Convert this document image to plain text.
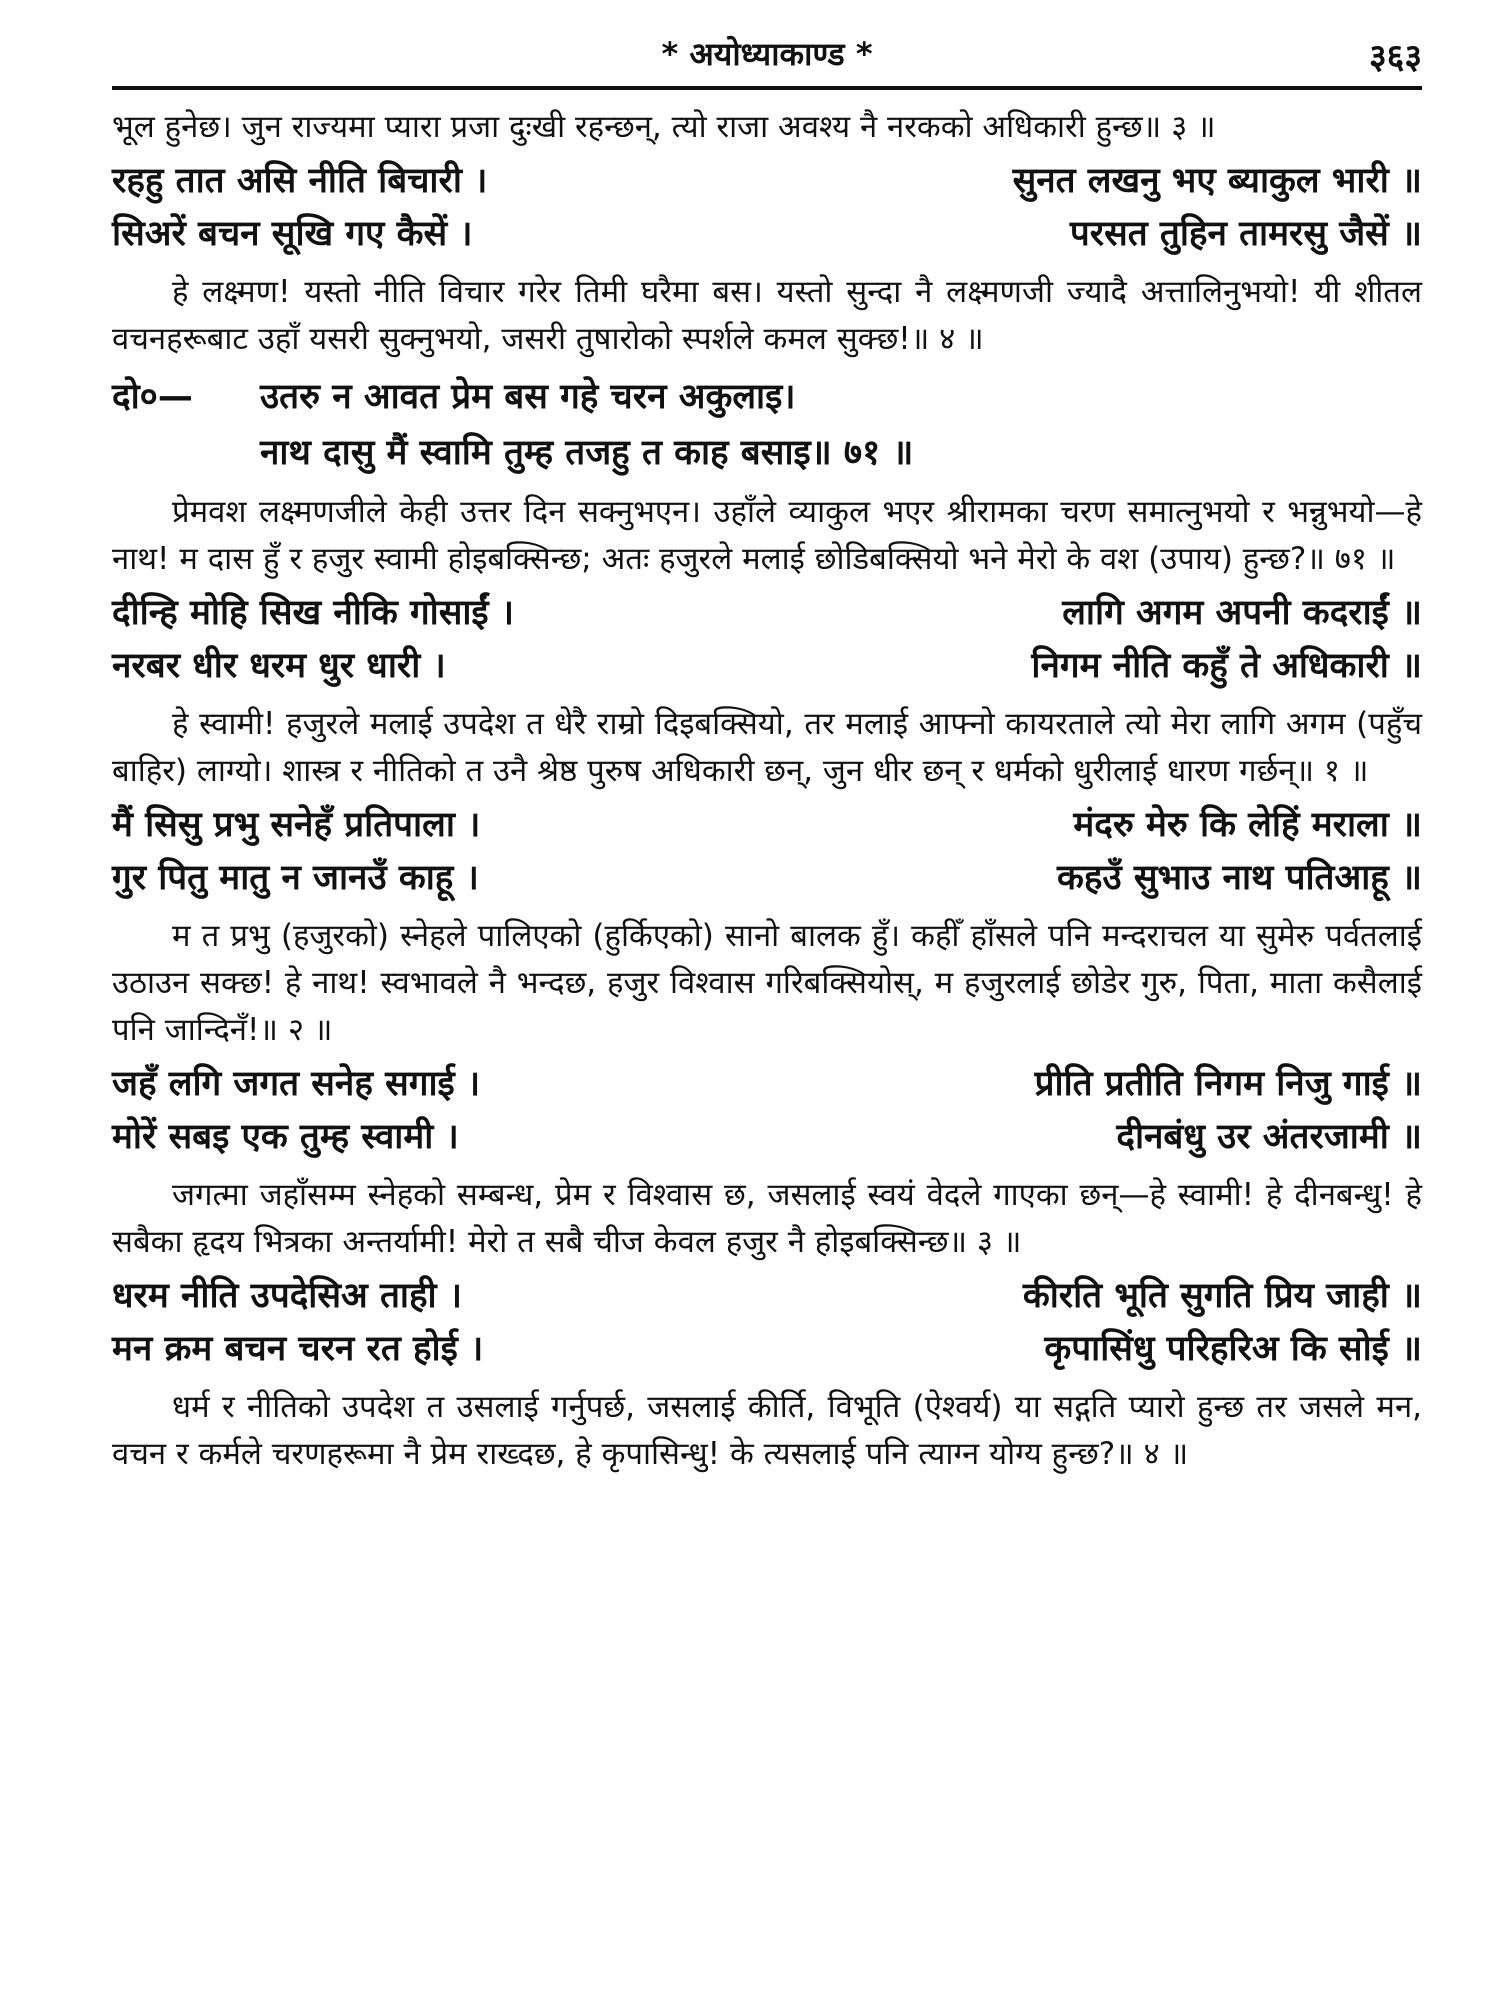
* अयोध्याकाण्ड *	३६३

भूल हुनेछ। जुन राज्यमा प्यारा प्रजा दुःखी रहन्छन्, त्यो राजा अवश्य नै नरकको अधिकारी हुन्छ॥ ३ ॥

रहहु तात असि नीति बिचारी ।	सुनत लखनु भए ब्याकुल भारी ॥
सिअरें बचन सूखि गए कैसें ।	परसत तुहिन तामरसु जैसें ॥

हे लक्ष्मण! यस्तो नीति विचार गरेर तिमी घरैमा बस। यस्तो सुन्दा नै लक्ष्मणजी ज्यादै अत्तालिनुभयो! यी शीतल वचनहरूबाट उहाँ यसरी सुक्नुभयो, जसरी तुषारोको स्पर्शले कमल सुक्छ!॥ ४ ॥

दो०—	उतरु न आवत प्रेम बस गहे चरन अकुलाइ।
नाथ दासु मैं स्वामि तुम्ह तजहु त काह बसाइ॥ ७१ ॥

प्रेमवश लक्ष्मणजीले केही उत्तर दिन सक्नुभएन। उहाँले व्याकुल भएर श्रीरामका चरण समात्नुभयो र भन्नुभयो—हे नाथ! म दास हुँ र हजुर स्वामी होइबक्सिन्छ; अतः हजुरले मलाई छोडिबक्सियो भने मेरो के वश (उपाय) हुन्छ?॥ ७१ ॥

दीन्हि मोहि सिख नीकि गोसाईं ।	लागि अगम अपनी कदराईं ॥
नरबर धीर धरम धुर धारी ।	निगम नीति कहुँ ते अधिकारी ॥

हे स्वामी! हजुरले मलाई उपदेश त धेरै राम्रो दिइबक्सियो, तर मलाई आफ्नो कायरताले त्यो मेरा लागि अगम (पहुँच बाहिर) लाग्यो। शास्त्र र नीतिको त उनै श्रेष्ठ पुरुष अधिकारी छन्, जुन धीर छन् र धर्मको धुरीलाई धारण गर्छन्॥ १ ॥

मैं सिसु प्रभु सनेहँ प्रतिपाला ।	मंदरु मेरु कि लेहिं मराला ॥
गुर पितु मातु न जानउँ काहू ।	कहउँ सुभाउ नाथ पतिआहू ॥

म त प्रभु (हजुरको) स्नेहले पालिएको (हुर्किएको) सानो बालक हुँ। कहीँ हाँसले पनि मन्दराचल या सुमेरु पर्वतलाई उठाउन सक्छ! हे नाथ! स्वभावले नै भन्दछ, हजुर विश्वास गरिबक्सियोस्, म हजुरलाई छोडेर गुरु, पिता, माता कसैलाई पनि जान्दिनँ!॥ २ ॥

जहँ लगि जगत सनेह सगाई ।	प्रीति प्रतीति निगम निजु गाई ॥
मोरें सबइ एक तुम्ह स्वामी ।	दीनबंधु उर अंतरजामी ॥

जगत्मा जहाँसम्म स्नेहको सम्बन्ध, प्रेम र विश्वास छ, जसलाई स्वयं वेदले गाएका छन्—हे स्वामी! हे दीनबन्धु! हे सबैका हृदय भित्रका अन्तर्यामी! मेरो त सबै चीज केवल हजुर नै होइबक्सिन्छ॥ ३ ॥

धरम नीति उपदेसिअ ताही ।	कीरति भूति सुगति प्रिय जाही ॥
मन क्रम बचन चरन रत होई ।	कृपासिंधु परिहरिअ कि सोई ॥

धर्म र नीतिको उपदेश त उसलाई गर्नुपर्छ, जसलाई कीर्ति, विभूति (ऐश्वर्य) या सद्गति प्यारो हुन्छ तर जसले मन, वचन र कर्मले चरणहरूमा नै प्रेम राख्दछ, हे कृपासिन्धु! के त्यसलाई पनि त्याग्न योग्य हुन्छ?॥ ४ ॥
